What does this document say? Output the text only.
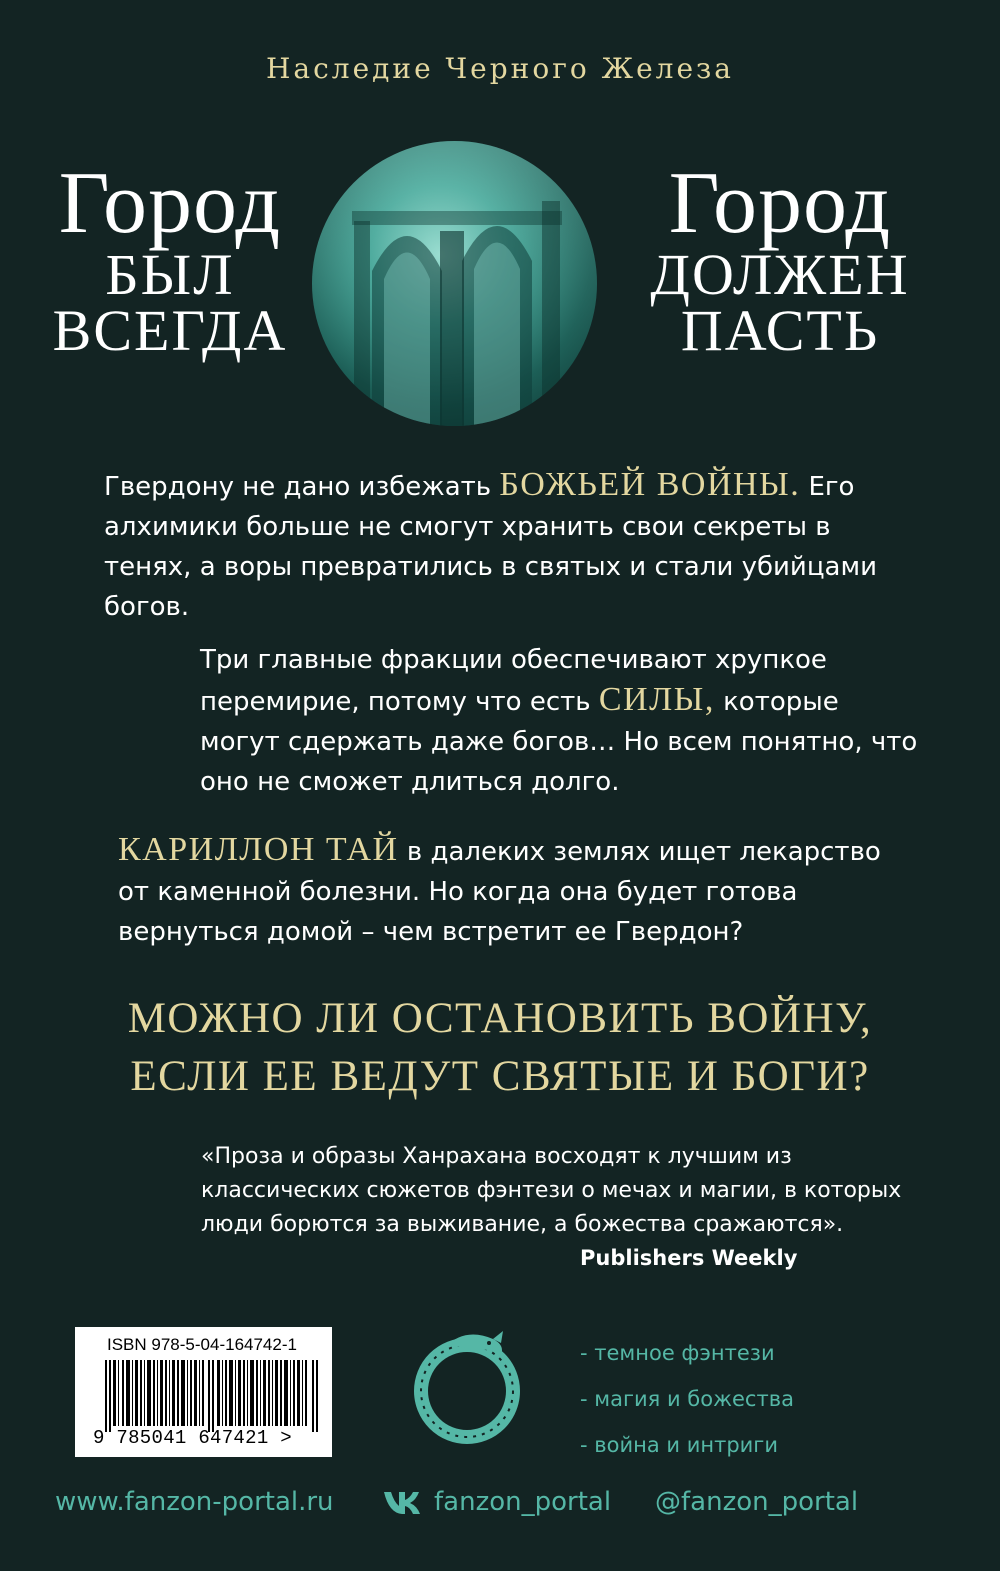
Наследие Черного Железа
Город
БЫЛ
ВСЕГДА
Город
ДОЛЖЕН
ПАСТЬ
Гвердону не дано избежать БОЖЬЕЙ ВОЙНЫ. Его алхимики больше не смогут хранить свои секреты в тенях, а воры превратились в святых и стали убийцами богов.
Три главные фракции обеспечивают хрупкое перемирие, потому что есть СИЛЫ, которые могут сдержать даже богов… Но всем понятно, что оно не сможет длиться долго.
КАРИЛЛОН ТАЙ в далеких землях ищет лекарство от каменной болезни. Но когда она будет готова вернуться домой – чем встретит ее Гвердон?
МОЖНО ЛИ ОСТАНОВИТЬ ВОЙНУ,
ЕСЛИ ЕЕ ВЕДУТ СВЯТЫЕ И БОГИ?
«Проза и образы Ханрахана восходят к лучшим из классических сюжетов фэнтези о мечах и магии, в которых люди борются за выживание, а божества сражаются».
Publishers Weekly
ISBN 978-5-04-164742-1
9 785041 647421 >
- темное фэнтези
- магия и божества
- война и интриги
www.fanzon-portal.ru	fanzon_portal @fanzon_portal
